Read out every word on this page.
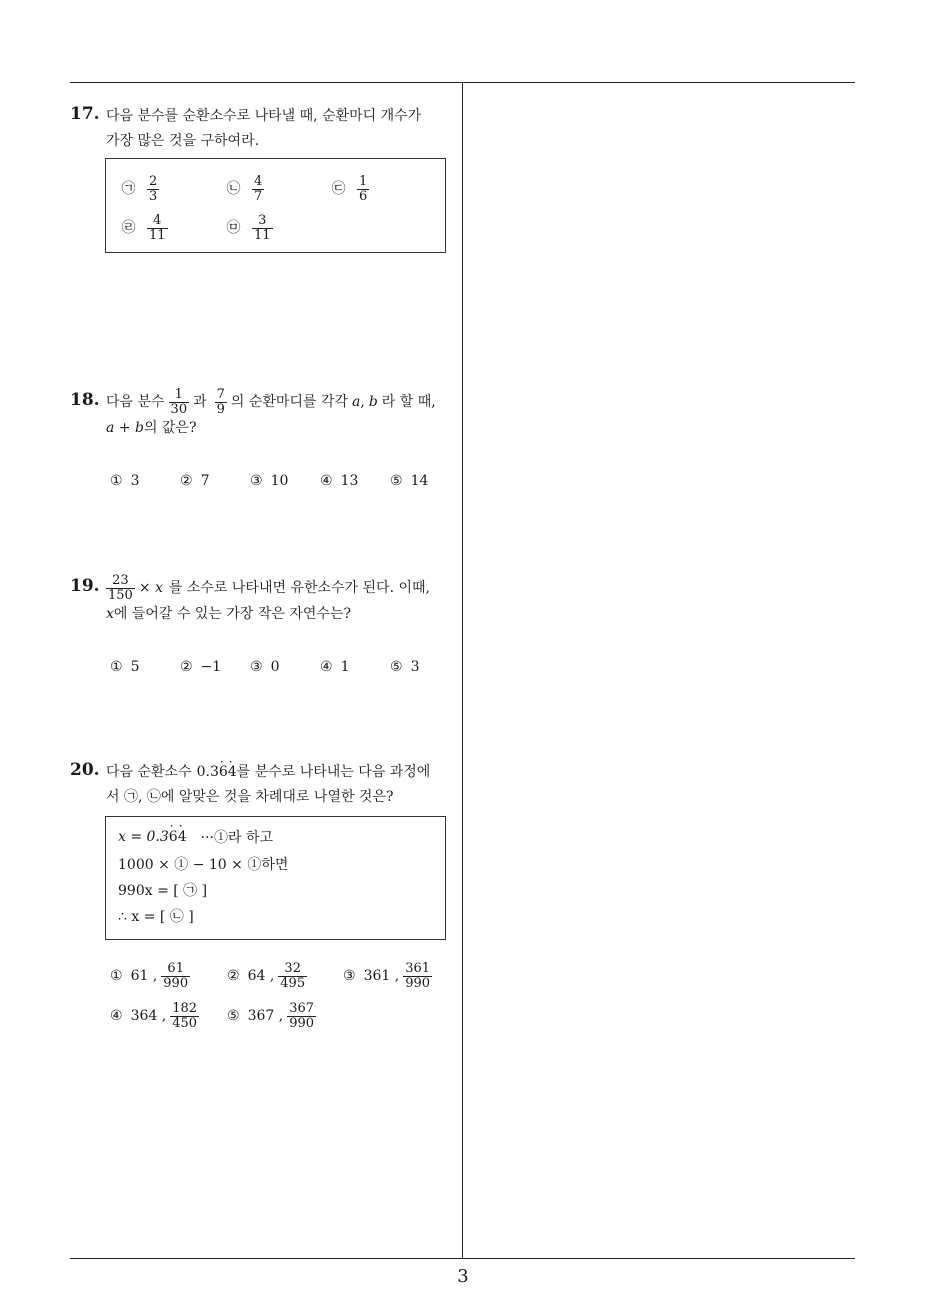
3
17. 다음 분수를 순환소수로 나타낼 때, 순환마디 개수가
가장 많은 것을 구하여라.
㉠ $\frac{2}{3}$	㉡ $\frac{4}{7}$	㉢ $\frac{1}{6}$
㉣ $\frac{4}{11}$	㉤ $\frac{3}{11}$
18. 다음 분수 $\frac{1}{30}$ 과 $\frac{7}{9}$ 의 순환마디를 각각 a , b 라 할 때,
a + b 의 값은?
① 3	② 7	③ 10 ④ 13 ⑤ 14
19. $\frac{23}{150} \times x$ 를 소수로 나타내면 유한소수가 된다. 이때,
x 에 들어갈 수 있는 가장 작은 자연수는?
① 5	② −1 ③ 0	④ 1	⑤ 3
20. 다음 순환소수 0.36 ·4 · 를 분수로 나타내는 다음 과정에
서 ㉠, ㉡에 알맞은 것을 차례대로 나열한 것은?
x = 0.3 6 · 4 · ···①라 하고
1000 × ① − 10 × ①하면
990x = [ ㉠ ]
∴ x = [ ㉡ ]
① 61 , $\frac{61}{990}$	② 64 , $\frac{32}{495}$	③ 361 , $\frac{361}{990}$
④ 364 , $\frac{182}{450}$ ⑤ 367 , $\frac{367}{990}$
